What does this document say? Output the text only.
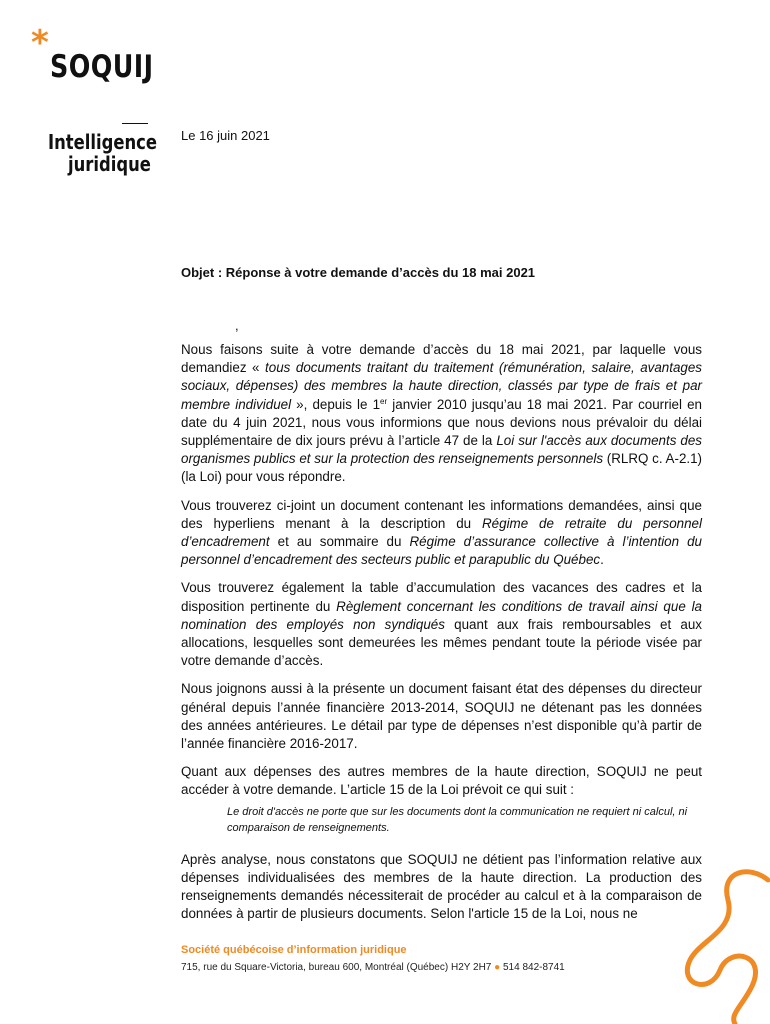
*
SOQUIJ
Intelligence
juridique
Le 16 juin 2021
Objet : Réponse à votre demande d’accès du 18 mai 2021
,

Nous faisons suite à votre demande d’accès du 18 mai 2021, par laquelle vous demandiez « tous documents traitant du traitement (rémunération, salaire, avantages sociaux, dépenses) des membres la haute direction, classés par type de frais et par membre individuel », depuis le 1er janvier 2010 jusqu’au 18 mai 2021. Par courriel en date du 4 juin 2021, nous vous informions que nous devions nous prévaloir du délai supplémentaire de dix jours prévu à l’article 47 de la Loi sur l'accès aux documents des organismes publics et sur la protection des renseignements personnels (RLRQ c. A-2.1) (la Loi) pour vous répondre.

Vous trouverez ci-joint un document contenant les informations demandées, ainsi que des hyperliens menant à la description du Régime de retraite du personnel d’encadrement et au sommaire du Régime d’assurance collective à l’intention du personnel d’encadrement des secteurs public et parapublic du Québec.

Vous trouverez également la table d’accumulation des vacances des cadres et la disposition pertinente du Règlement concernant les conditions de travail ainsi que la nomination des employés non syndiqués quant aux frais remboursables et aux allocations, lesquelles sont demeurées les mêmes pendant toute la période visée par votre demande d’accès.

Nous joignons aussi à la présente un document faisant état des dépenses du directeur général depuis l’année financière 2013-2014, SOQUIJ ne détenant pas les données des années antérieures. Le détail par type de dépenses n’est disponible qu’à partir de l’année financière 2016-2017.

Quant aux dépenses des autres membres de la haute direction, SOQUIJ ne peut accéder à votre demande. L’article 15 de la Loi prévoit ce qui suit :

Le droit d'accès ne porte que sur les documents dont la communication ne requiert ni calcul, ni comparaison de renseignements.

Après analyse, nous constatons que SOQUIJ ne détient pas l’information relative aux dépenses individualisées des membres de la haute direction. La production des renseignements demandés nécessiterait de procéder au calcul et à la comparaison de données à partir de plusieurs documents. Selon l'article 15 de la Loi, nous ne

Société québécoise d’information juridique
715, rue du Square-Victoria, bureau 600, Montréal (Québec) H2Y 2H7 ● 514 842-8741
